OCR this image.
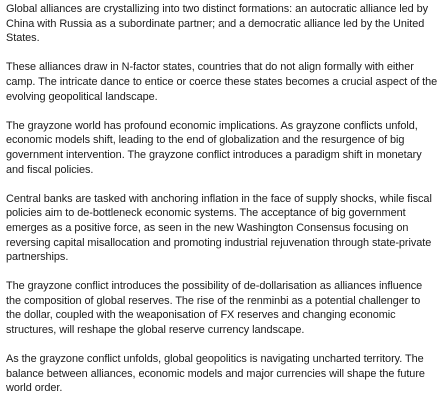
Global alliances are crystallizing into two distinct formations: an autocratic alliance led by China with Russia as a subordinate partner; and a democratic alliance led by the United States.

These alliances draw in N-factor states, countries that do not align formally with either camp. The intricate dance to entice or coerce these states becomes a crucial aspect of the evolving geopolitical landscape.

The grayzone world has profound economic implications. As grayzone conflicts unfold, economic models shift, leading to the end of globalization and the resurgence of big government intervention. The grayzone conflict introduces a paradigm shift in monetary and fiscal policies.

Central banks are tasked with anchoring inflation in the face of supply shocks, while fiscal policies aim to de-bottleneck economic systems. The acceptance of big government emerges as a positive force, as seen in the new Washington Consensus focusing on reversing capital misallocation and promoting industrial rejuvenation through state-private partnerships.

The grayzone conflict introduces the possibility of de-dollarisation as alliances influence the composition of global reserves. The rise of the renminbi as a potential challenger to the dollar, coupled with the weaponisation of FX reserves and changing economic structures, will reshape the global reserve currency landscape.

As the grayzone conflict unfolds, global geopolitics is navigating uncharted territory. The balance between alliances, economic models and major currencies will shape the future world order.
